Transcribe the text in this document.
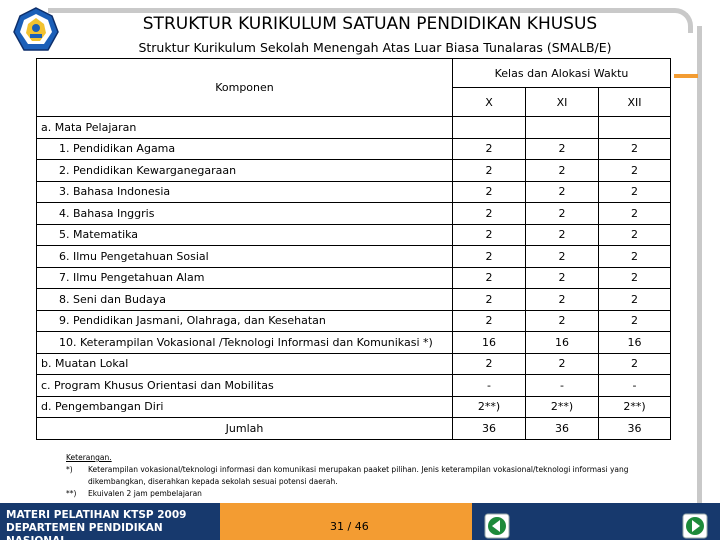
STRUKTUR KURIKULUM SATUAN PENDIDIKAN KHUSUS
Struktur Kurikulum Sekolah Menengah Atas Luar Biasa Tunalaras (SMALB/E)
Komponen	Kelas dan Alokasi Waktu		
	X	XI	XII
a. Mata Pelajaran			
1. Pendidikan Agama	2	2	2
2. Pendidikan Kewarganegaraan	2	2	2
3. Bahasa Indonesia	2	2	2
4. Bahasa Inggris	2	2	2
5. Matematika	2	2	2
6. Ilmu Pengetahuan Sosial	2	2	2
7. Ilmu Pengetahuan Alam	2	2	2
8. Seni dan Budaya	2	2	2
9. Pendidikan Jasmani, Olahraga, dan Kesehatan	2	2	2
10. Keterampilan Vokasional /Teknologi Informasi dan Komunikasi *)	16	16	16
b. Muatan Lokal	2	2	2
c. Program Khusus Orientasi dan Mobilitas	-	-	-
d. Pengembangan Diri	2**)	2**)	2**)
Jumlah	36	36	36
Keterangan.
*)	Keterampilan vokasional/teknologi informasi dan komunikasi merupakan paaket pilihan. Jenis keterampilan vokasional/teknologi informasi yang dikembangkan, diserahkan kepada sekolah sesuai potensi daerah.
**)	Ekuivalen 2 jam pembelajaran
MATERI PELATIHAN KTSP 2009
DEPARTEMEN PENDIDIKAN NASIONAL
31 / 46
